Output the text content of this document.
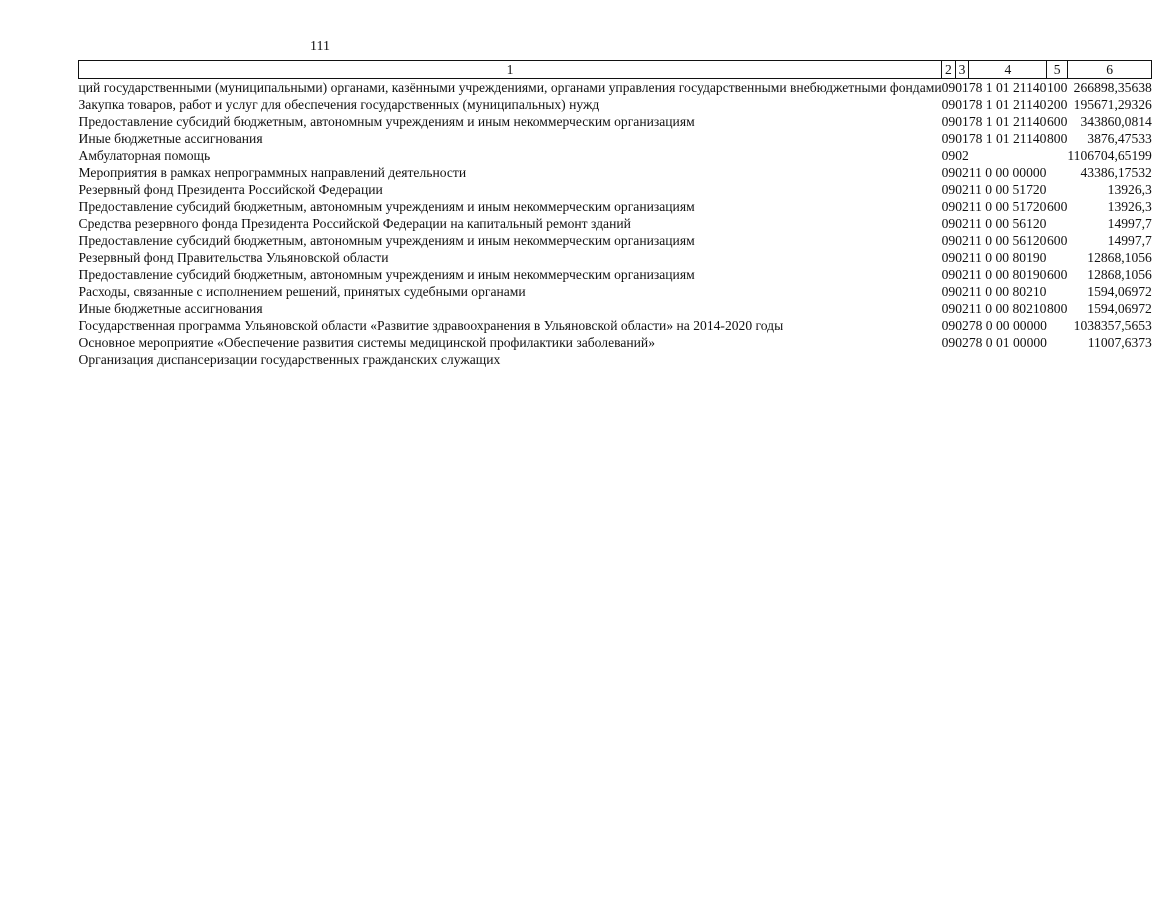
111
1	2	3	4	5	6
ций государственными (муниципальными) органами, казёнными учреждениями, органами управления государственными внебюджетными фондами	09	01	78 1 01 21140	100	266898,35638
Закупка товаров, работ и услуг для обеспечения государственных (муниципальных) нужд	09	01	78 1 01 21140	200	195671,29326
Предоставление субсидий бюджетным, автономным учреждениям и иным некоммерческим организациям	09	01	78 1 01 21140	600	343860,0814
Иные бюджетные ассигнования	09	01	78 1 01 21140	800	3876,47533
Амбулаторная помощь	09	02			1106704,65199
Мероприятия в рамках непрограммных направлений деятельности	09	02	11 0 00 00000		43386,17532
Резервный фонд Президента Российской Федерации	09	02	11 0 00 51720		13926,3
Предоставление субсидий бюджетным, автономным учреждениям и иным некоммерческим организациям	09	02	11 0 00 51720	600	13926,3
Средства резервного фонда Президента Российской Федерации на капитальный ремонт зданий	09	02	11 0 00 56120		14997,7
Предоставление субсидий бюджетным, автономным учреждениям и иным некоммерческим организациям	09	02	11 0 00 56120	600	14997,7
Резервный фонд Правительства Ульяновской области	09	02	11 0 00 80190		12868,1056
Предоставление субсидий бюджетным, автономным учреждениям и иным некоммерческим организациям	09	02	11 0 00 80190	600	12868,1056
Расходы, связанные с исполнением решений, принятых судебными органами	09	02	11 0 00 80210		1594,06972
Иные бюджетные ассигнования	09	02	11 0 00 80210	800	1594,06972
Государственная программа Ульяновской области «Развитие здравоохранения в Ульяновской области» на 2014-2020 годы	09	02	78 0 00 00000		1038357,5653
Основное мероприятие «Обеспечение развития системы медицинской профилактики заболеваний»	09	02	78 0 01 00000		11007,6373
Организация диспансеризации государственных гражданских служащих					
